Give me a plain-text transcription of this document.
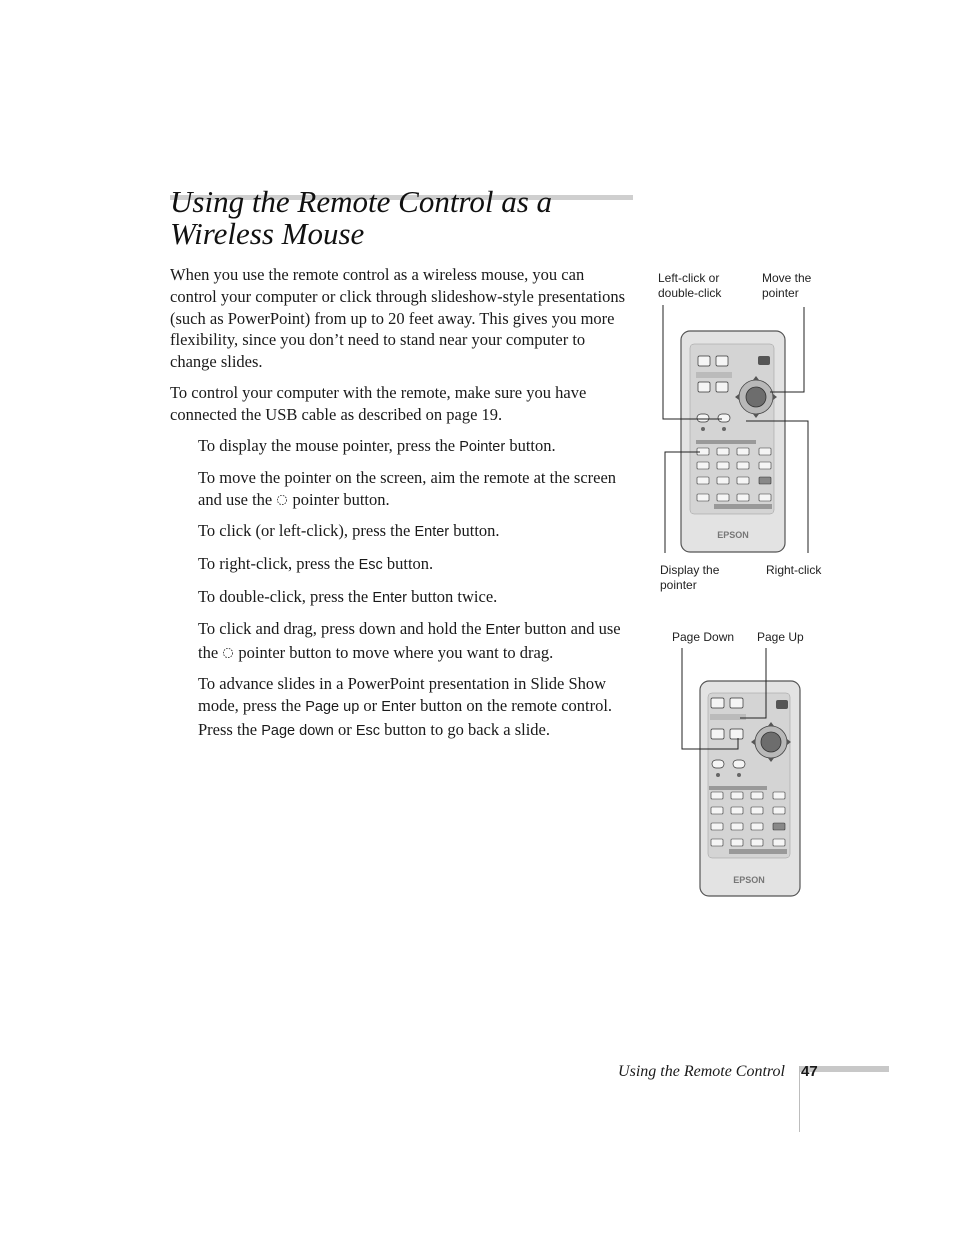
Using the Remote Control as a Wireless Mouse

When you use the remote control as a wireless mouse, you can control your computer or click through slideshow-style presentations (such as PowerPoint) from up to 20 feet away. This gives you more flexibility, since you don’t need to stand near your computer to change slides.

To control your computer with the remote, make sure you have connected the USB cable as described on page 19.

To display the mouse pointer, press the Pointer button.

To move the pointer on the screen, aim the remote at the screen and use the  pointer button.

To click (or left-click), press the Enter button.

To right-click, press the Esc button.

To double-click, press the Enter button twice.

To click and drag, press down and hold the Enter button and use the  pointer button to move where you want to drag.

To advance slides in a PowerPoint presentation in Slide Show mode, press the Page up or Enter button on the remote control. Press the Page down or Esc button to go back a slide.

Left-click or
double-click
Move the
pointer
Display the
pointer
Right-click
EPSON
Page Down Page Up
EPSON
Using the Remote Control 47
